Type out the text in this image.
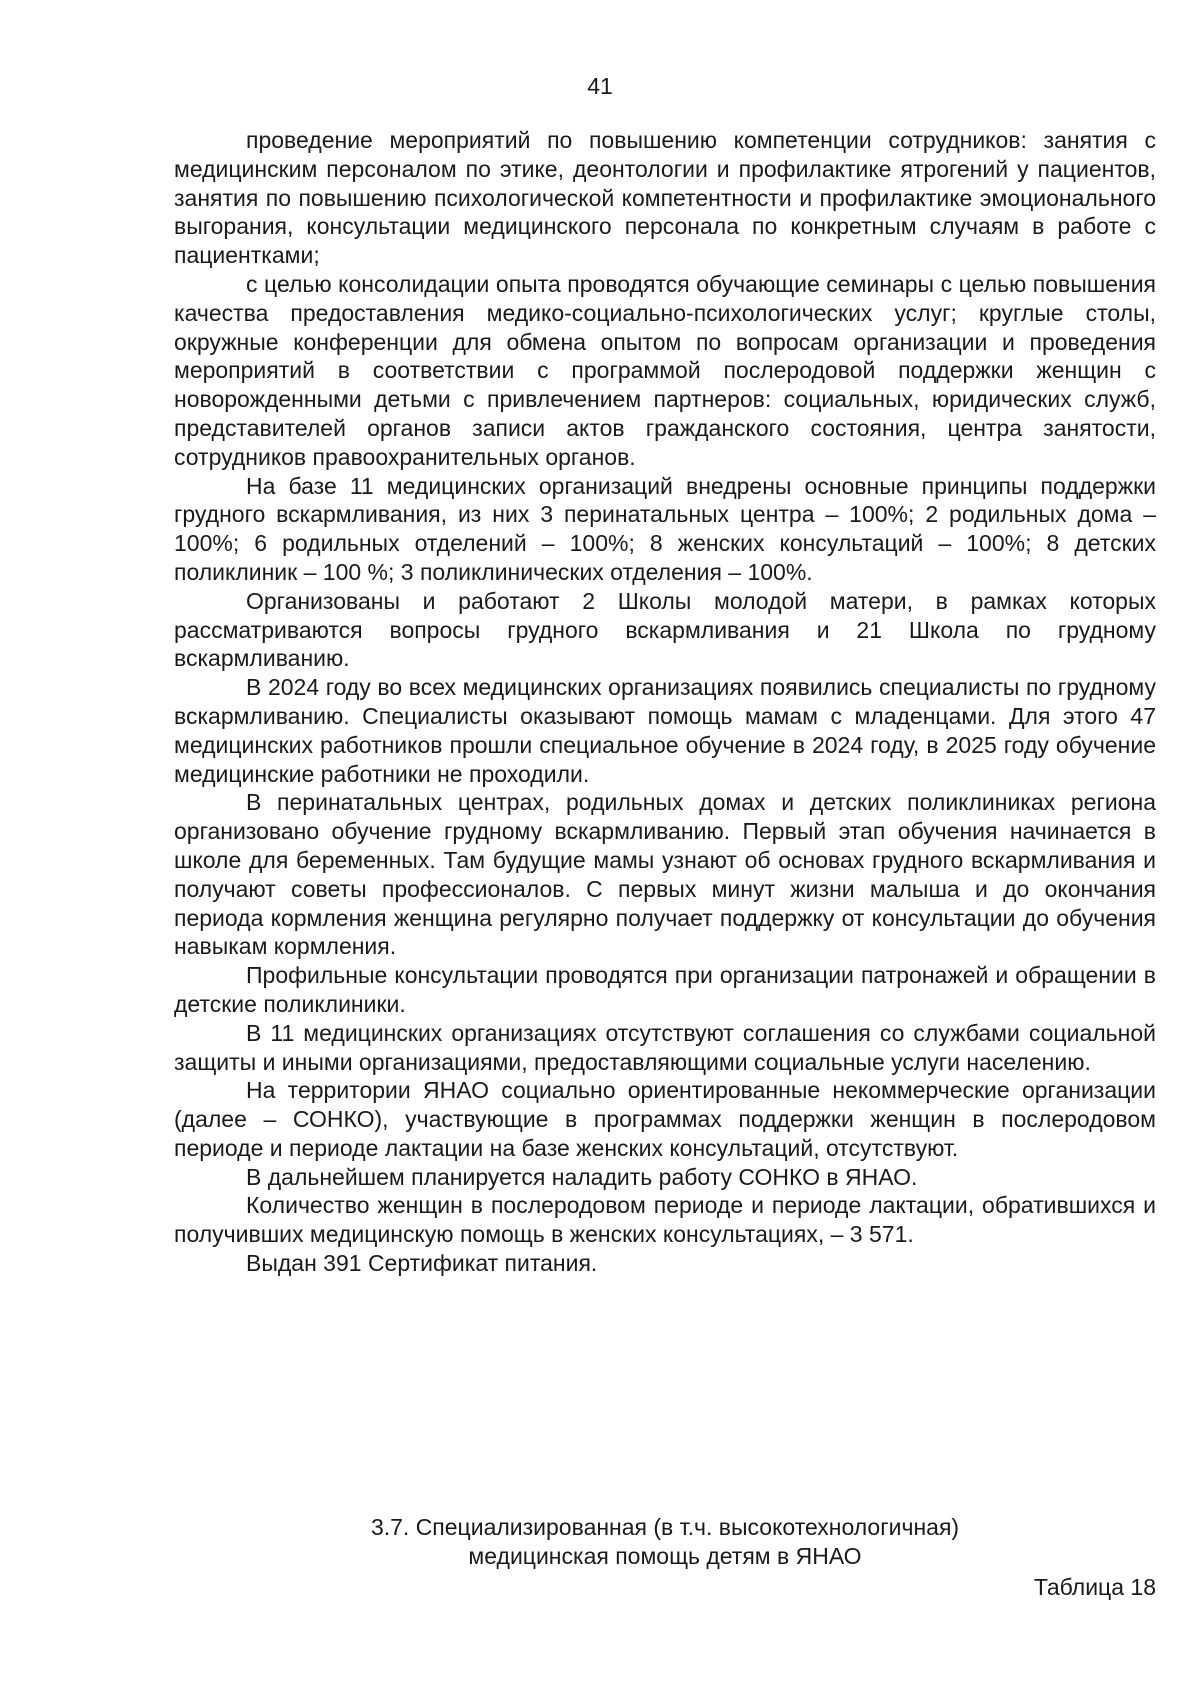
41

проведение мероприятий по повышению компетенции сотрудников: занятия с медицинским персоналом по этике, деонтологии и профилактике ятрогений у пациентов, занятия по повышению психологической компетентности и профилактике эмоционального выгорания, консультации медицинского персонала по конкретным случаям в работе с пациентками;

с целью консолидации опыта проводятся обучающие семинары с целью повышения качества предоставления медико-социально-психологических услуг; круглые столы, окружные конференции для обмена опытом по вопросам организации и проведения мероприятий в соответствии с программой послеродовой поддержки женщин с новорожденными детьми с привлечением партнеров: социальных, юридических служб, представителей органов записи актов гражданского состояния, центра занятости, сотрудников правоохранительных органов.

На базе 11 медицинских организаций внедрены основные принципы поддержки грудного вскармливания, из них 3 перинатальных центра – 100%; 2 родильных дома – 100%; 6 родильных отделений – 100%; 8 женских консультаций – 100%; 8 детских поликлиник – 100 %; 3 поликлинических отделения – 100%.

Организованы и работают 2 Школы молодой матери, в рамках которых рассматриваются вопросы грудного вскармливания и 21 Школа по грудному вскармливанию.

В 2024 году во всех медицинских организациях появились специалисты по грудному вскармливанию. Специалисты оказывают помощь мамам с младенцами. Для этого 47 медицинских работников прошли специальное обучение в 2024 году, в 2025 году обучение медицинские работники не проходили.

В перинатальных центрах, родильных домах и детских поликлиниках региона организовано обучение грудному вскармливанию. Первый этап обучения начинается в школе для беременных. Там будущие мамы узнают об основах грудного вскармливания и получают советы профессионалов. С первых минут жизни малыша и до окончания периода кормления женщина регулярно получает поддержку от консультации до обучения навыкам кормления.

Профильные консультации проводятся при организации патронажей и обращении в детские поликлиники.

В 11 медицинских организациях отсутствуют соглашения со службами социальной защиты и иными организациями, предоставляющими социальные услуги населению.

На территории ЯНАО социально ориентированные некоммерческие организации (далее – СОНКО), участвующие в программах поддержки женщин в послеродовом периоде и периоде лактации на базе женских консультаций, отсутствуют.

В дальнейшем планируется наладить работу СОНКО в ЯНАО.

Количество женщин в послеродовом периоде и периоде лактации, обратившихся и получивших медицинскую помощь в женских консультациях, – 3 571.

Выдан 391 Сертификат питания.

3.7. Специализированная (в т.ч. высокотехнологичная)
медицинская помощь детям в ЯНАО
Таблица 18
